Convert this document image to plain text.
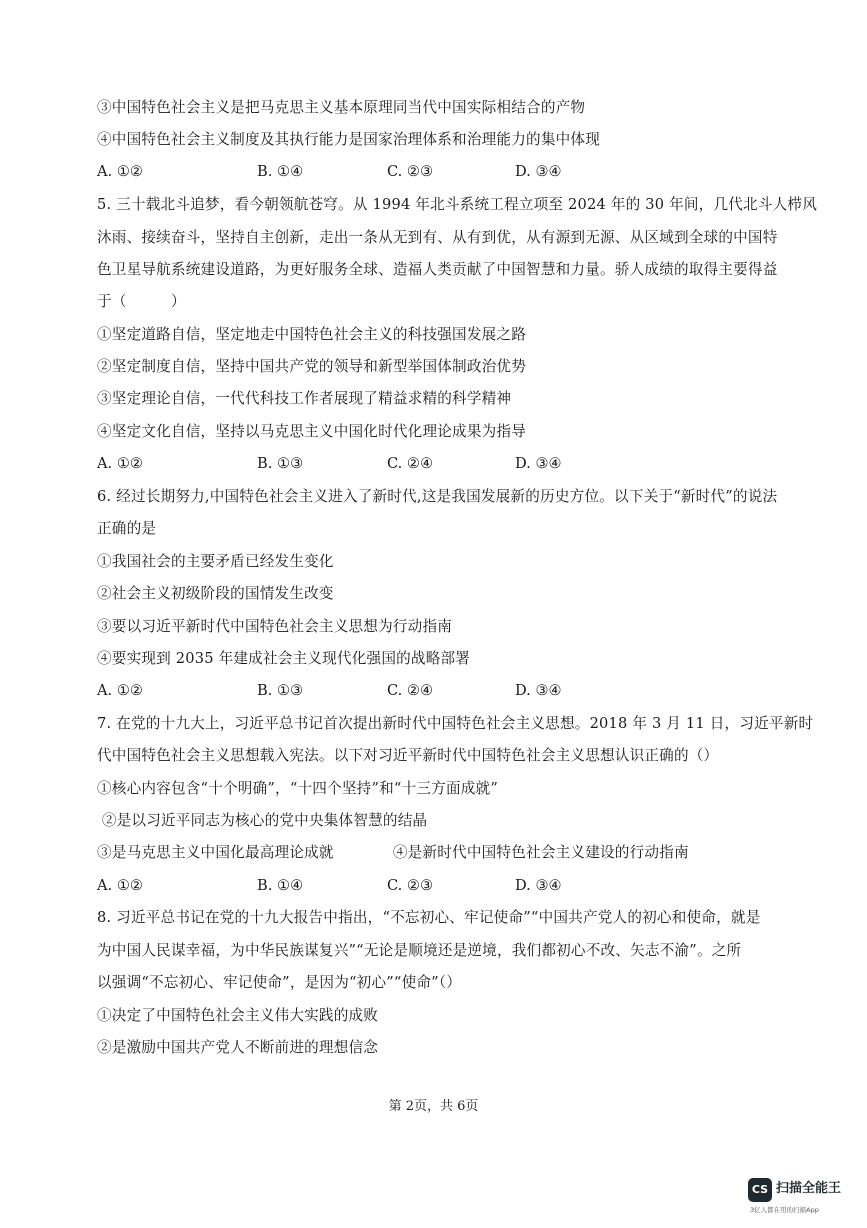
③中国特色社会主义是把马克思主义基本原理同当代中国实际相结合的产物
④中国特色社会主义制度及其执行能力是国家治理体系和治理能力的集中体现
A. ①②	B. ①④	C. ②③	D. ③④
5. 三十载北斗追梦，看今朝领航苍穹。从 1994 年北斗系统工程立项至 2024 年的 30 年间，几代北斗人栉风
沐雨、接续奋斗，坚持自主创新，走出一条从无到有、从有到优，从有源到无源、从区域到全球的中国特
色卫星导航系统建设道路，为更好服务全球、造福人类贡献了中国智慧和力量。骄人成绩的取得主要得益
于（　　　）
①坚定道路自信，坚定地走中国特色社会主义的科技强国发展之路
②坚定制度自信，坚持中国共产党的领导和新型举国体制政治优势
③坚定理论自信，一代代科技工作者展现了精益求精的科学精神
④坚定文化自信，坚持以马克思主义中国化时代化理论成果为指导
A. ①②	B. ①③	C. ②④	D. ③④
6. 经过长期努力,中国特色社会主义进入了新时代,这是我国发展新的历史方位。以下关于“新时代”的说法
正确的是
①我国社会的主要矛盾已经发生变化
②社会主义初级阶段的国情发生改变
③要以习近平新时代中国特色社会主义思想为行动指南
④要实现到 2035 年建成社会主义现代化强国的战略部署
A. ①②	B. ①③	C. ②④	D. ③④
7. 在党的十九大上，习近平总书记首次提出新时代中国特色社会主义思想。2018 年 3 月 11 日，习近平新时
代中国特色社会主义思想载入宪法。以下对习近平新时代中国特色社会主义思想认识正确的（）
①核心内容包含“十个明确”，“十四个坚持”和“十三方面成就”
②是以习近平同志为核心的党中央集体智慧的结晶
③是马克思主义中国化最高理论成就　　　　④是新时代中国特色社会主义建设的行动指南
A. ①②	B. ①④	C. ②③	D. ③④
8. 习近平总书记在党的十九大报告中指出，“不忘初心、牢记使命”“中国共产党人的初心和使命，就是
为中国人民谋幸福，为中华民族谋复兴”“无论是顺境还是逆境，我们都初心不改、矢志不渝”。之所
以强调“不忘初心、牢记使命”，是因为“初心”“使命”（）
①决定了中国特色社会主义伟大实践的成败
②是激励中国共产党人不断前进的理想信念
第 2页，共 6页
CS 扫描全能王
3亿人都在用的扫描App
